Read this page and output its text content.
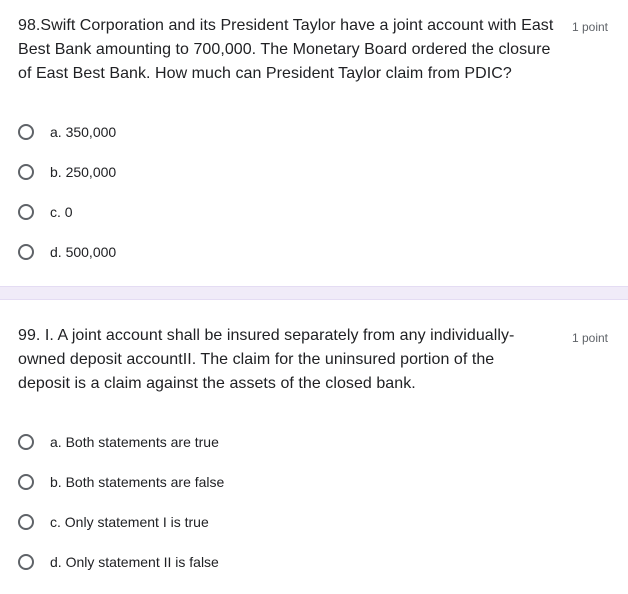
98.Swift Corporation and its President Taylor have a joint account with East Best Bank amounting to 700,000. The Monetary Board ordered the closure of East Best Bank. How much can President Taylor claim from PDIC?
1 point
a. 350,000
b. 250,000
c. 0
d. 500,000
99. I. A joint account shall be insured separately from any individually-owned deposit accountII. The claim for the uninsured portion of the deposit is a claim against the assets of the closed bank.
1 point
a. Both statements are true
b. Both statements are false
c. Only statement I is true
d. Only statement II is false
